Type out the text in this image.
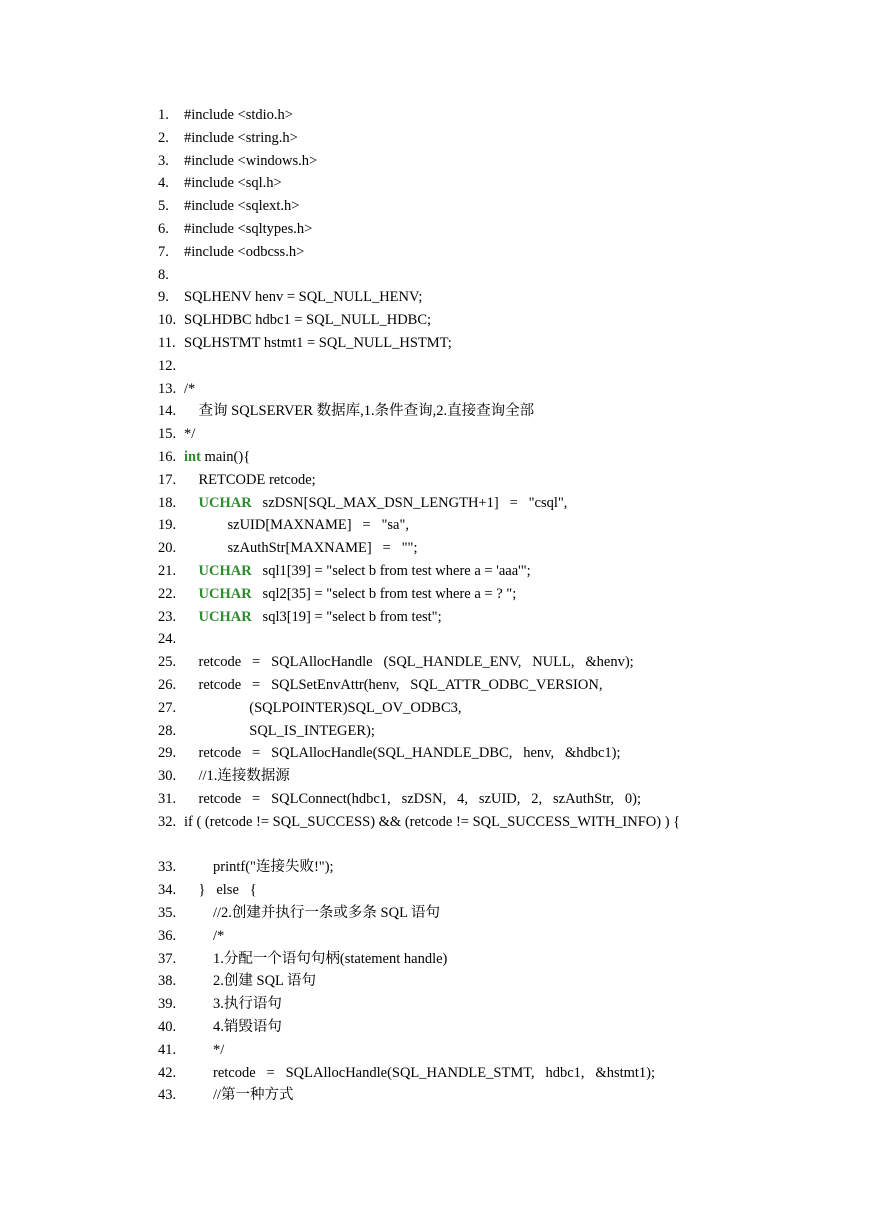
1. #include <stdio.h>
2. #include <string.h>
3. #include <windows.h>
4. #include <sql.h>
5. #include <sqlext.h>
6. #include <sqltypes.h>
7. #include <odbcss.h>
8.
9. SQLHENV henv = SQL_NULL_HENV;
10. SQLHDBC hdbc1 = SQL_NULL_HDBC;
11. SQLHSTMT hstmt1 = SQL_NULL_HSTMT;
12.
13. /*
14. 查询 SQLSERVER 数据库,1.条件查询,2.直接查询全部
15. */
16. int main(){
17. RETCODE retcode;
18.	UCHAR   szDSN[SQL_MAX_DSN_LENGTH+1]   =   "csql",
19. szUID[MAXNAME]   =   "sa",
20. szAuthStr[MAXNAME]   =   "";
21.	UCHAR   sql1[39] = "select b from test where a = 'aaa'";
22.	UCHAR   sql2[35] = "select b from test where a = ? ";
23.	UCHAR   sql3[19] = "select b from test";
24.
25. retcode   =   SQLAllocHandle   (SQL_HANDLE_ENV,   NULL,   &henv);
26. retcode   =   SQLSetEnvAttr(henv,   SQL_ATTR_ODBC_VERSION,
27. (SQLPOINTER)SQL_OV_ODBC3,
28. SQL_IS_INTEGER);
29. retcode   =   SQLAllocHandle(SQL_HANDLE_DBC,   henv,   &hdbc1);
30. //1.连接数据源
31. retcode   =   SQLConnect(hdbc1,   szDSN,   4,   szUID,   2,   szAuthStr,   0);
32. if ( (retcode != SQL_SUCCESS) && (retcode != SQL_SUCCESS_WITH_INFO) ) {
33. printf("连接失败!");
34. }   else   {
35. //2.创建并执行一条或多条 SQL 语句
36. /*
37. 1.分配一个语句句柄(statement handle)
38. 2.创建 SQL 语句
39. 3.执行语句
40. 4.销毁语句
41. */
42. retcode   =   SQLAllocHandle(SQL_HANDLE_STMT,   hdbc1,   &hstmt1);
43. //第一种方式
